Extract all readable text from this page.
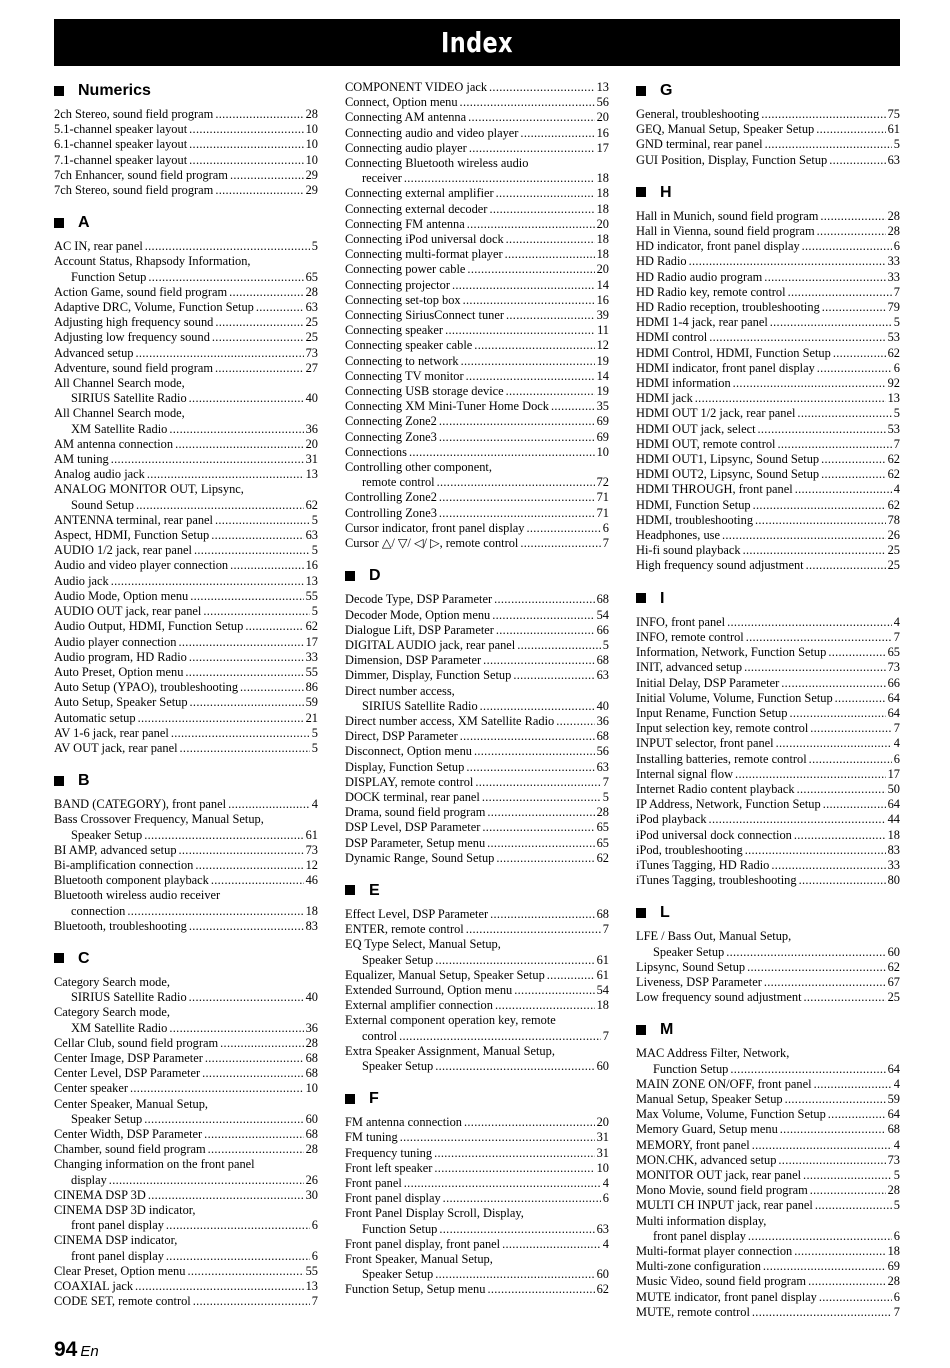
Index
Numerics
2ch Stereo, sound field program .....	28
5.1-channel speaker layout .....	10
6.1-channel speaker layout .....	10
7.1-channel speaker layout .....	10
7ch Enhancer, sound field program .....	29
7ch Stereo, sound field program .....	29
A
AC IN, rear panel .....	5
Account Status, Rhapsody Information,
Function Setup .....	65
Action Game, sound field program .....	28
Adaptive DRC, Volume, Function Setup .....	63
Adjusting high frequency sound .....	25
Adjusting low frequency sound .....	25
Advanced setup .....	73
Adventure, sound field program .....	27
All Channel Search mode,
SIRIUS Satellite Radio .....	40
All Channel Search mode,
XM Satellite Radio .....	36
AM antenna connection .....	20
AM tuning .....	31
Analog audio jack .....	13
ANALOG MONITOR OUT, Lipsync,
Sound Setup .....	62
ANTENNA terminal, rear panel .....	5
Aspect, HDMI, Function Setup .....	63
AUDIO 1/2 jack, rear panel .....	5
Audio and video player connection .....	16
Audio jack .....	13
Audio Mode, Option menu .....	55
AUDIO OUT jack, rear panel .....	5
Audio Output, HDMI, Function Setup .....	62
Audio player connection .....	17
Audio program, HD Radio .....	33
Auto Preset, Option menu .....	55
Auto Setup (YPAO), troubleshooting .....	86
Auto Setup, Speaker Setup .....	59
Automatic setup .....	21
AV 1-6 jack, rear panel .....	5
AV OUT jack, rear panel .....	5
B
BAND (CATEGORY), front panel .....	4
Bass Crossover Frequency, Manual Setup,
Speaker Setup .....	61
BI AMP, advanced setup .....	73
Bi-amplification connection .....	12
Bluetooth component playback .....	46
Bluetooth wireless audio receiver
connection .....	18
Bluetooth, troubleshooting .....	83
C
Category Search mode,
SIRIUS Satellite Radio .....	40
Category Search mode,
XM Satellite Radio .....	36
Cellar Club, sound field program .....	28
Center Image, DSP Parameter .....	68
Center Level, DSP Parameter .....	68
Center speaker .....	10
Center Speaker, Manual Setup,
Speaker Setup .....	60
Center Width, DSP Parameter .....	68
Chamber, sound field program .....	28
Changing information on the front panel
display .....	26
CINEMA DSP 3D .....	30
CINEMA DSP 3D indicator,
front panel display .....	6
CINEMA DSP indicator,
front panel display .....	6
Clear Preset, Option menu .....	55
COAXIAL jack .....	13
CODE SET, remote control .....	7
COMPONENT VIDEO jack .....	13
Connect, Option menu .....	56
Connecting AM antenna .....	20
Connecting audio and video player .....	16
Connecting audio player .....	17
Connecting Bluetooth wireless audio
receiver .....	18
Connecting external amplifier .....	18
Connecting external decoder .....	18
Connecting FM antenna .....	20
Connecting iPod universal dock .....	18
Connecting multi-format player .....	18
Connecting power cable .....	20
Connecting projector .....	14
Connecting set-top box .....	16
Connecting SiriusConnect tuner .....	39
Connecting speaker .....	11
Connecting speaker cable .....	12
Connecting to network .....	19
Connecting TV monitor .....	14
Connecting USB storage device .....	19
Connecting XM Mini-Tuner Home Dock .....	35
Connecting Zone2 .....	69
Connecting Zone3 .....	69
Connections .....	10
Controlling other component,
remote control .....	72
Controlling Zone2 .....	71
Controlling Zone3 .....	71
Cursor indicator, front panel display .....	6
Cursor △/ ▽/ ◁/ ▷, remote control .....	7
D
Decode Type, DSP Parameter .....	68
Decoder Mode, Option menu .....	54
Dialogue Lift, DSP Parameter .....	66
DIGITAL AUDIO jack, rear panel .....	5
Dimension, DSP Parameter .....	68
Dimmer, Display, Function Setup .....	63
Direct number access,
SIRIUS Satellite Radio .....	40
Direct number access, XM Satellite Radio .....	36
Direct, DSP Parameter .....	68
Disconnect, Option menu .....	56
Display, Function Setup .....	63
DISPLAY, remote control .....	7
DOCK terminal, rear panel .....	5
Drama, sound field program .....	28
DSP Level, DSP Parameter .....	65
DSP Parameter, Setup menu .....	65
Dynamic Range, Sound Setup .....	62
E
Effect Level, DSP Parameter .....	68
ENTER, remote control .....	7
EQ Type Select, Manual Setup,
Speaker Setup .....	61
Equalizer, Manual Setup, Speaker Setup .....	61
Extended Surround, Option menu .....	54
External amplifier connection .....	18
External component operation key, remote
control .....	7
Extra Speaker Assignment, Manual Setup,
Speaker Setup .....	60
F
FM antenna connection .....	20
FM tuning .....	31
Frequency tuning .....	31
Front left speaker .....	10
Front panel .....	4
Front panel display .....	6
Front Panel Display Scroll, Display,
Function Setup .....	63
Front panel display, front panel .....	4
Front Speaker, Manual Setup,
Speaker Setup .....	60
Function Setup, Setup menu .....	62
G
General, troubleshooting .....	75
GEQ, Manual Setup, Speaker Setup .....	61
GND terminal, rear panel .....	5
GUI Position, Display, Function Setup .....	63
H
Hall in Munich, sound field program .....	28
Hall in Vienna, sound field program .....	28
HD indicator, front panel display .....	6
HD Radio .....	33
HD Radio audio program .....	33
HD Radio key, remote control .....	7
HD Radio reception, troubleshooting .....	79
HDMI 1-4 jack, rear panel .....	5
HDMI control .....	53
HDMI Control, HDMI, Function Setup .....	62
HDMI indicator, front panel display .....	6
HDMI information .....	92
HDMI jack .....	13
HDMI OUT 1/2 jack, rear panel .....	5
HDMI OUT jack, select .....	53
HDMI OUT, remote control .....	7
HDMI OUT1, Lipsync, Sound Setup .....	62
HDMI OUT2, Lipsync, Sound Setup .....	62
HDMI THROUGH, front panel .....	4
HDMI, Function Setup .....	62
HDMI, troubleshooting .....	78
Headphones, use .....	26
Hi-fi sound playback .....	25
High frequency sound adjustment .....	25
I
INFO, front panel .....	4
INFO, remote control .....	7
Information, Network, Function Setup .....	65
INIT, advanced setup .....	73
Initial Delay, DSP Parameter .....	66
Initial Volume, Volume, Function Setup .....	64
Input Rename, Function Setup .....	64
Input selection key, remote control .....	7
INPUT selector, front panel .....	4
Installing batteries, remote control .....	6
Internal signal flow .....	17
Internet Radio content playback .....	50
IP Address, Network, Function Setup .....	64
iPod playback .....	44
iPod universal dock connection .....	18
iPod, troubleshooting .....	83
iTunes Tagging, HD Radio .....	33
iTunes Tagging, troubleshooting .....	80
L
LFE / Bass Out, Manual Setup,
Speaker Setup .....	60
Lipsync, Sound Setup .....	62
Liveness, DSP Parameter .....	67
Low frequency sound adjustment .....	25
M
MAC Address Filter, Network,
Function Setup .....	64
MAIN ZONE ON/OFF, front panel .....	4
Manual Setup, Speaker Setup .....	59
Max Volume, Volume, Function Setup .....	64
Memory Guard, Setup menu .....	68
MEMORY, front panel .....	4
MON.CHK, advanced setup .....	73
MONITOR OUT jack, rear panel .....	5
Mono Movie, sound field program .....	28
MULTI CH INPUT jack, rear panel .....	5
Multi information display,
front panel display .....	6
Multi-format player connection .....	18
Multi-zone configuration .....	69
Music Video, sound field program .....	28
MUTE indicator, front panel display .....	6
MUTE, remote control .....	7
94 En
